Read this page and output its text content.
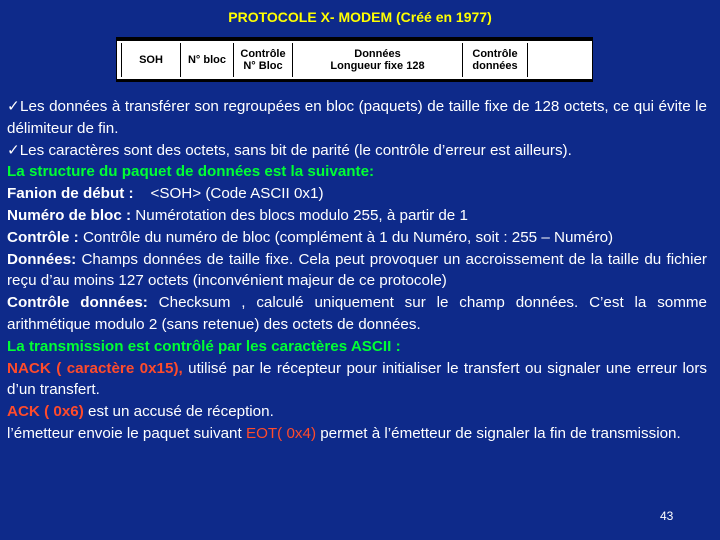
PROTOCOLE X- MODEM (Créé en 1977)
SOH N° bloc Contrôle
N° Bloc
Données
Longueur fixe 128
Contrôle
données

✓Les données à transférer son regroupées en bloc (paquets) de taille fixe de 128 octets, ce qui évite le délimiteur de fin.

✓Les caractères sont des octets, sans bit de parité (le contrôle d’erreur est ailleurs).

La structure du paquet de données est la suivante:

Fanion de début : <SOH> (Code ASCII 0x1)

Numéro de bloc : Numérotation des blocs modulo 255, à partir de 1

Contrôle : Contrôle du numéro de bloc (complément à 1 du Numéro, soit : 255 – Numéro)

Données: Champs données de taille fixe. Cela peut provoquer un accroissement de la taille du fichier reçu d’au moins 127 octets (inconvénient majeur de ce protocole)

Contrôle données: Checksum , calculé uniquement sur le champ données. C’est la somme arithmétique modulo 2 (sans retenue) des octets de données.

La transmission est contrôlé par les caractères ASCII :

NACK ( caractère 0x15), utilisé par le récepteur pour initialiser le transfert ou signaler une erreur lors d’un transfert.

ACK ( 0x6) est un accusé de réception.

l’émetteur envoie le paquet suivant EOT( 0x4) permet à l’émetteur de signaler la fin de transmission.

43
